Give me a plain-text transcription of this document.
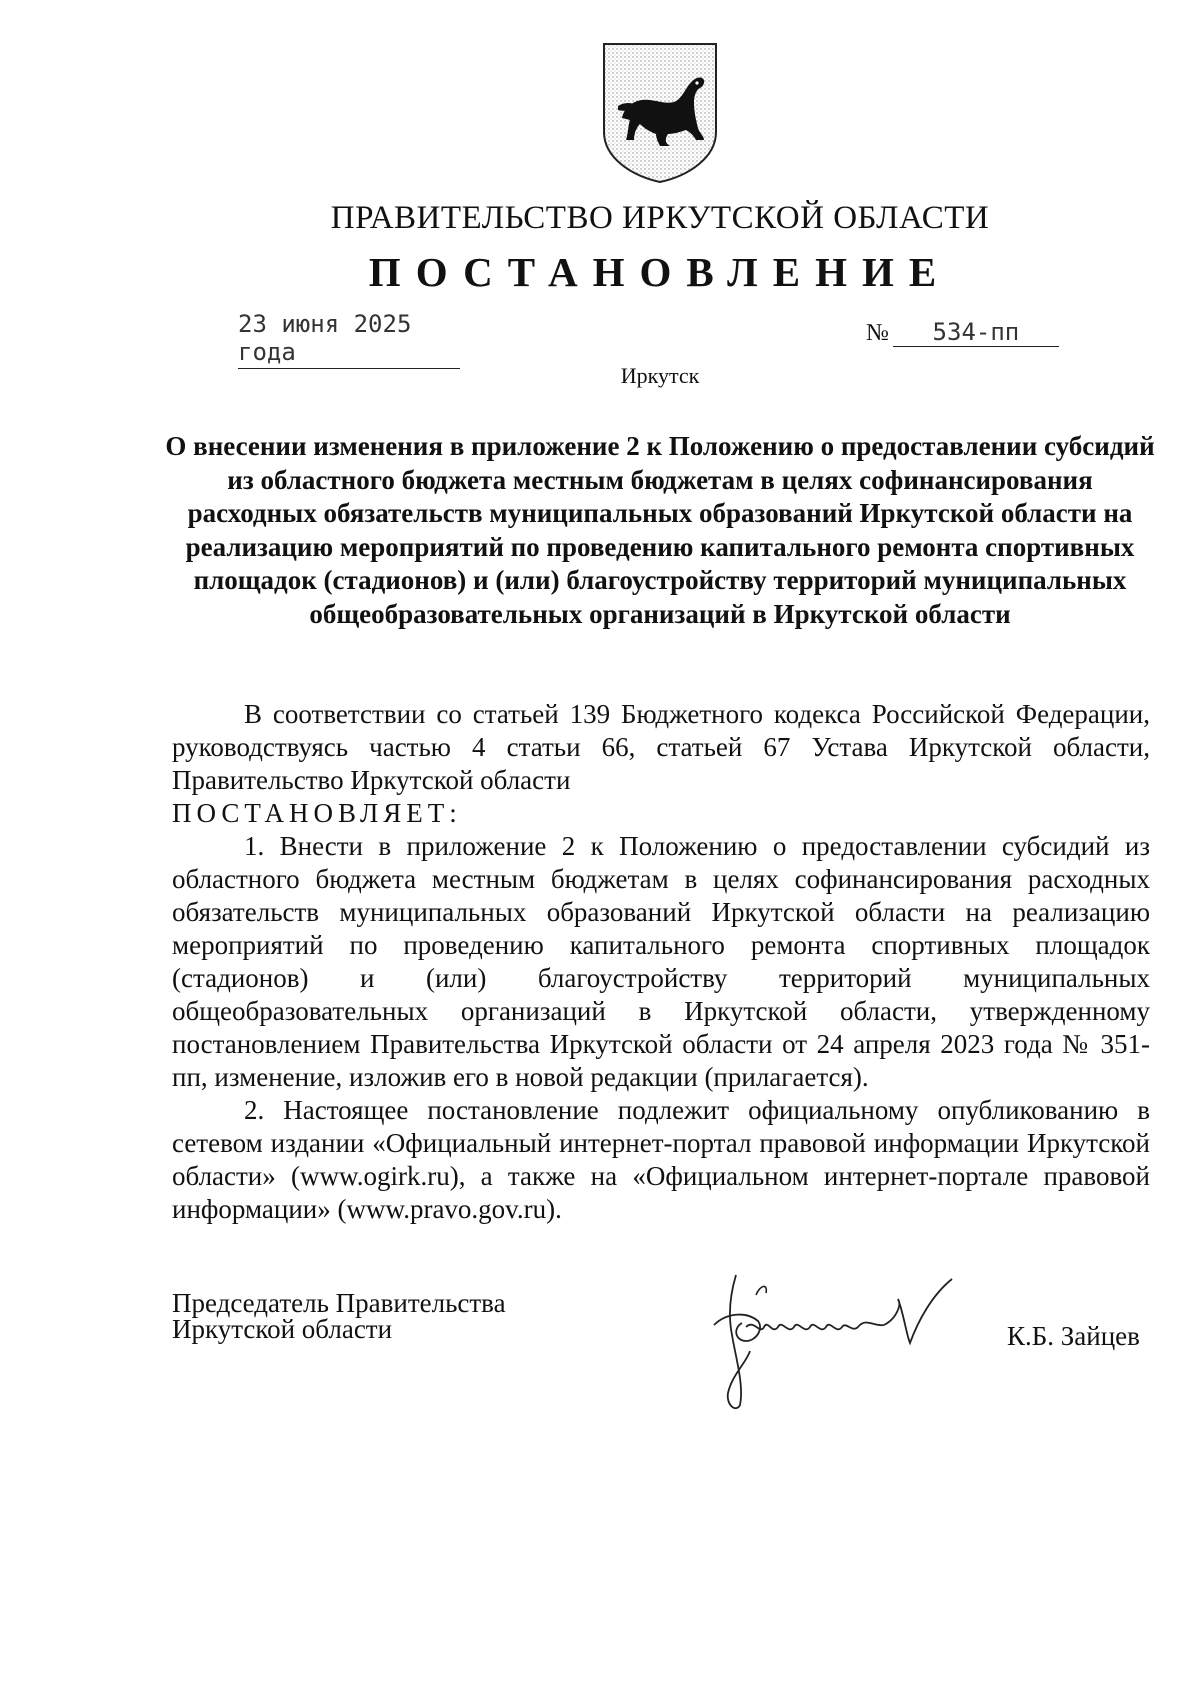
ПРАВИТЕЛЬСТВО ИРКУТСКОЙ ОБЛАСТИ
ПОСТАНОВЛЕНИЕ
23 июня 2025 года
№ 534-пп
Иркутск
О внесении изменения в приложение 2 к Положению о предоставлении субсидий из областного бюджета местным бюджетам в целях софинансирования расходных обязательств муниципальных образований Иркутской области на реализацию мероприятий по проведению капитального ремонта спортивных площадок (стадионов) и (или) благоустройству территорий муниципальных общеобразовательных организаций в Иркутской области

В соответствии со статьей 139 Бюджетного кодекса Российской Федерации, руководствуясь частью 4 статьи 66, статьей 67 Устава Иркутской области, Правительство Иркутской области

ПОСТАНОВЛЯЕТ:

1. Внести в приложение 2 к Положению о предоставлении субсидий из областного бюджета местным бюджетам в целях софинансирования расходных обязательств муниципальных образований Иркутской области на реализацию мероприятий по проведению капитального ремонта спортивных площадок (стадионов) и (или) благоустройству территорий муниципальных общеобразовательных организаций в Иркутской области, утвержденному постановлением Правительства Иркутской области от 24 апреля 2023 года № 351-пп, изменение, изложив его в новой редакции (прилагается).

2. Настоящее постановление подлежит официальному опубликованию в сетевом издании «Официальный интернет-портал правовой информации Иркутской области» (www.ogirk.ru), а также на «Официальном интернет-портале правовой информации» (www.pravo.gov.ru).

Председатель Правительства
Иркутской области	К.Б. Зайцев
